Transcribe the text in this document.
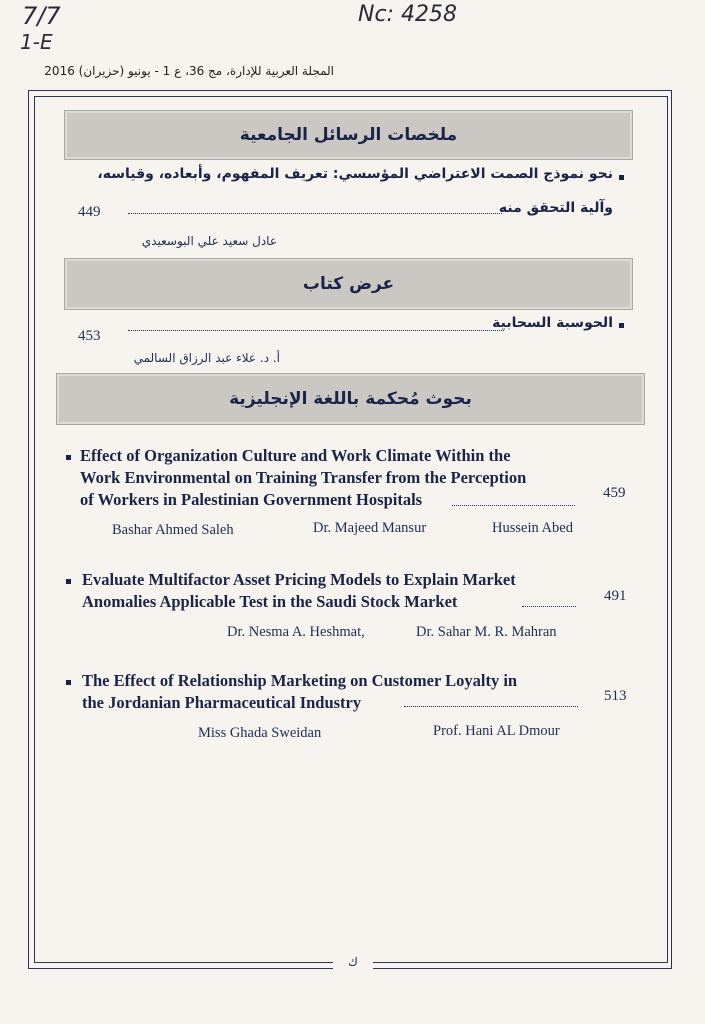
7/7
1-E
Nc: 4258
المجلة العربية للإدارة، مج 36، ع 1 - يونيو (حزيران) 2016
ملخصات الرسائل الجامعية
نحو نموذج الصمت الاعتراضي المؤسسي: تعريف المفهوم، وأبعاده، وقياسه،
وآلية التحقق منه
449
عادل سعيد علي البوسعيدي
عرض كتاب
الحوسبة السحابية
453
أ. د. علاء عبد الرزاق السالمي
بحوث مُحكمة باللغة الإنجليزية
Effect of Organization Culture and Work Climate Within the
Work Environmental on Training Transfer from the Perception
of Workers in Palestinian Government Hospitals	459
Bashar Ahmed Saleh	Dr. Majeed Mansur	Hussein Abed
Evaluate Multifactor Asset Pricing Models to Explain Market
Anomalies Applicable Test in the Saudi Stock Market	491
Dr. Nesma A. Heshmat,	Dr. Sahar M. R. Mahran
The Effect of Relationship Marketing on Customer Loyalty in
the Jordanian Pharmaceutical Industry	513
Miss Ghada Sweidan	Prof. Hani AL Dmour
ك
